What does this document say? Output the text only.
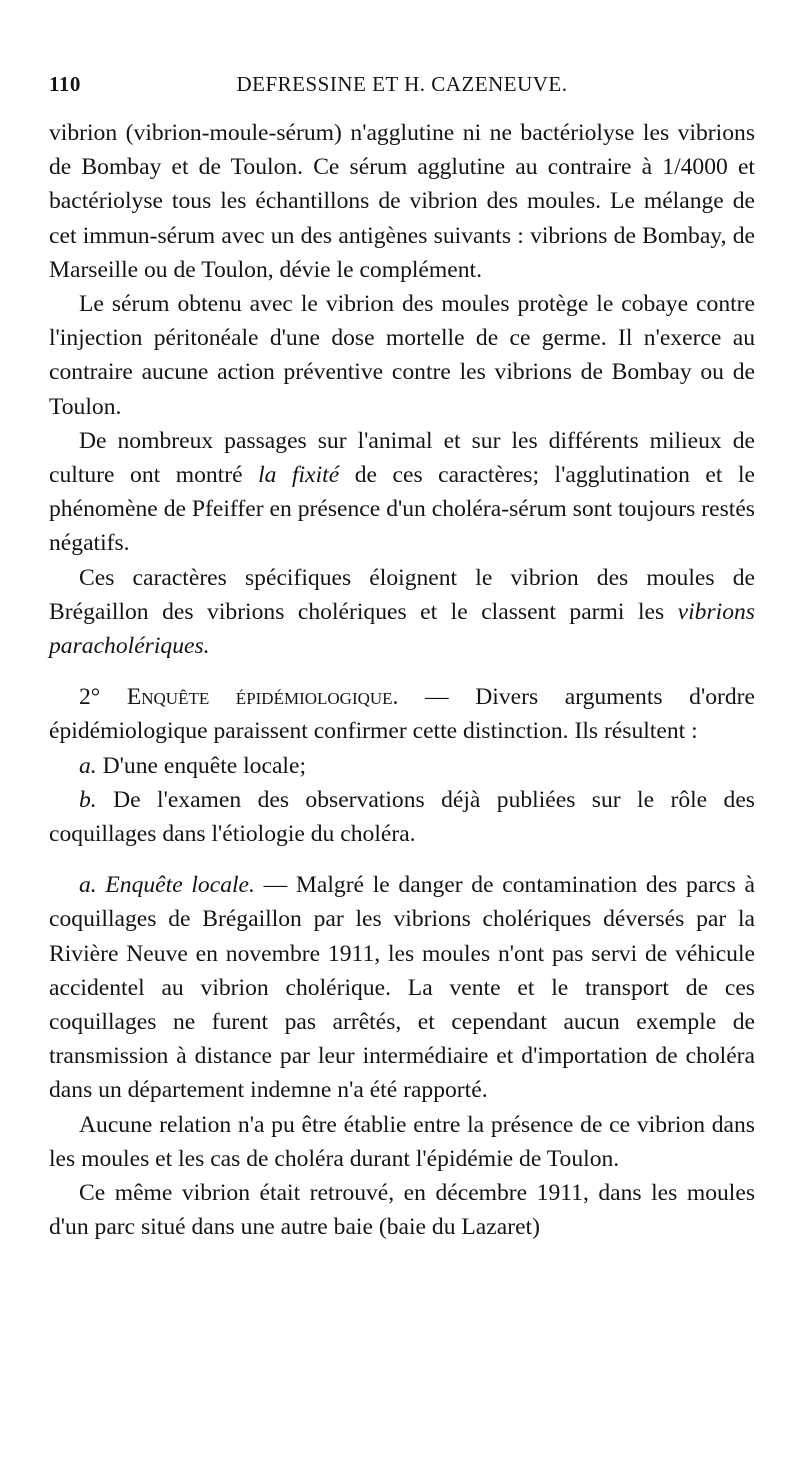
110	DEFRESSINE ET H. CAZENEUVE.

vibrion (vibrion-moule-sérum) n'agglutine ni ne bactériolyse les vibrions de Bombay et de Toulon. Ce sérum agglutine au contraire à 1/4000 et bactériolyse tous les échantillons de vibrion des moules. Le mélange de cet immun-sérum avec un des antigènes suivants : vibrions de Bombay, de Marseille ou de Toulon, dévie le complément.

Le sérum obtenu avec le vibrion des moules protège le cobaye contre l'injection péritonéale d'une dose mortelle de ce germe. Il n'exerce au contraire aucune action préventive contre les vibrions de Bombay ou de Toulon.

De nombreux passages sur l'animal et sur les différents milieux de culture ont montré la fixité de ces caractères; l'agglutination et le phénomène de Pfeiffer en présence d'un choléra-sérum sont toujours restés négatifs.

Ces caractères spécifiques éloignent le vibrion des moules de Brégaillon des vibrions cholériques et le classent parmi les vibrions paracholériques.

2° Enquête épidémiologique. — Divers arguments d'ordre épidémiologique paraissent confirmer cette distinction. Ils résultent :

a. D'une enquête locale;

b. De l'examen des observations déjà publiées sur le rôle des coquillages dans l'étiologie du choléra.

a. Enquête locale. — Malgré le danger de contamination des parcs à coquillages de Brégaillon par les vibrions cholériques déversés par la Rivière Neuve en novembre 1911, les moules n'ont pas servi de véhicule accidentel au vibrion cholérique. La vente et le transport de ces coquillages ne furent pas arrêtés, et cependant aucun exemple de transmission à distance par leur intermédiaire et d'importation de choléra dans un département indemne n'a été rapporté.

Aucune relation n'a pu être établie entre la présence de ce vibrion dans les moules et les cas de choléra durant l'épidémie de Toulon.

Ce même vibrion était retrouvé, en décembre 1911, dans les moules d'un parc situé dans une autre baie (baie du Lazaret)
